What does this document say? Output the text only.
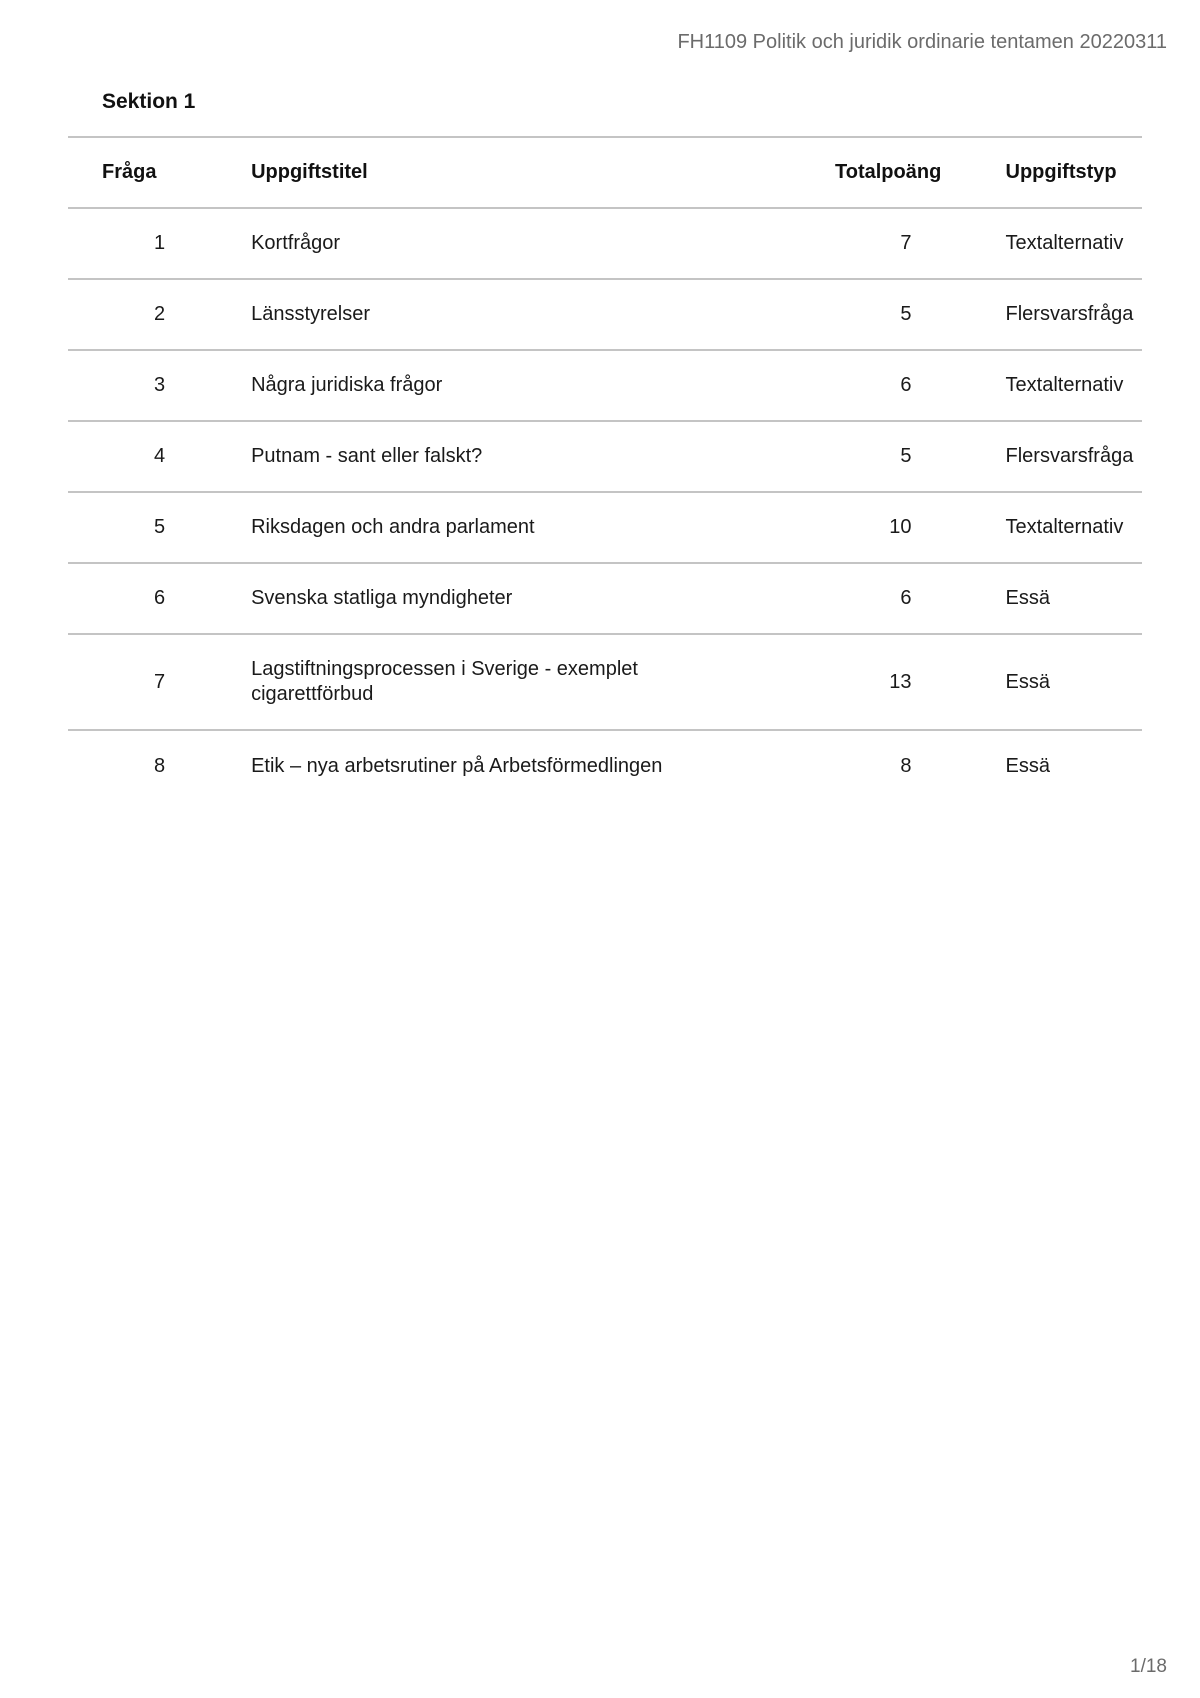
FH1109 Politik och juridik ordinarie tentamen 20220311
Sektion 1
Fråga	Uppgiftstitel	Totalpoäng	Uppgiftstyp
1	Kortfrågor	7	Textalternativ
2	Länsstyrelser	5	Flersvarsfråga
3	Några juridiska frågor	6	Textalternativ
4	Putnam - sant eller falskt?	5	Flersvarsfråga
5	Riksdagen och andra parlament	10	Textalternativ
6	Svenska statliga myndigheter	6	Essä
7	Lagstiftningsprocessen i Sverige - exemplet cigarettförbud	13	Essä
8	Etik – nya arbetsrutiner på Arbetsförmedlingen	8	Essä
1/18
